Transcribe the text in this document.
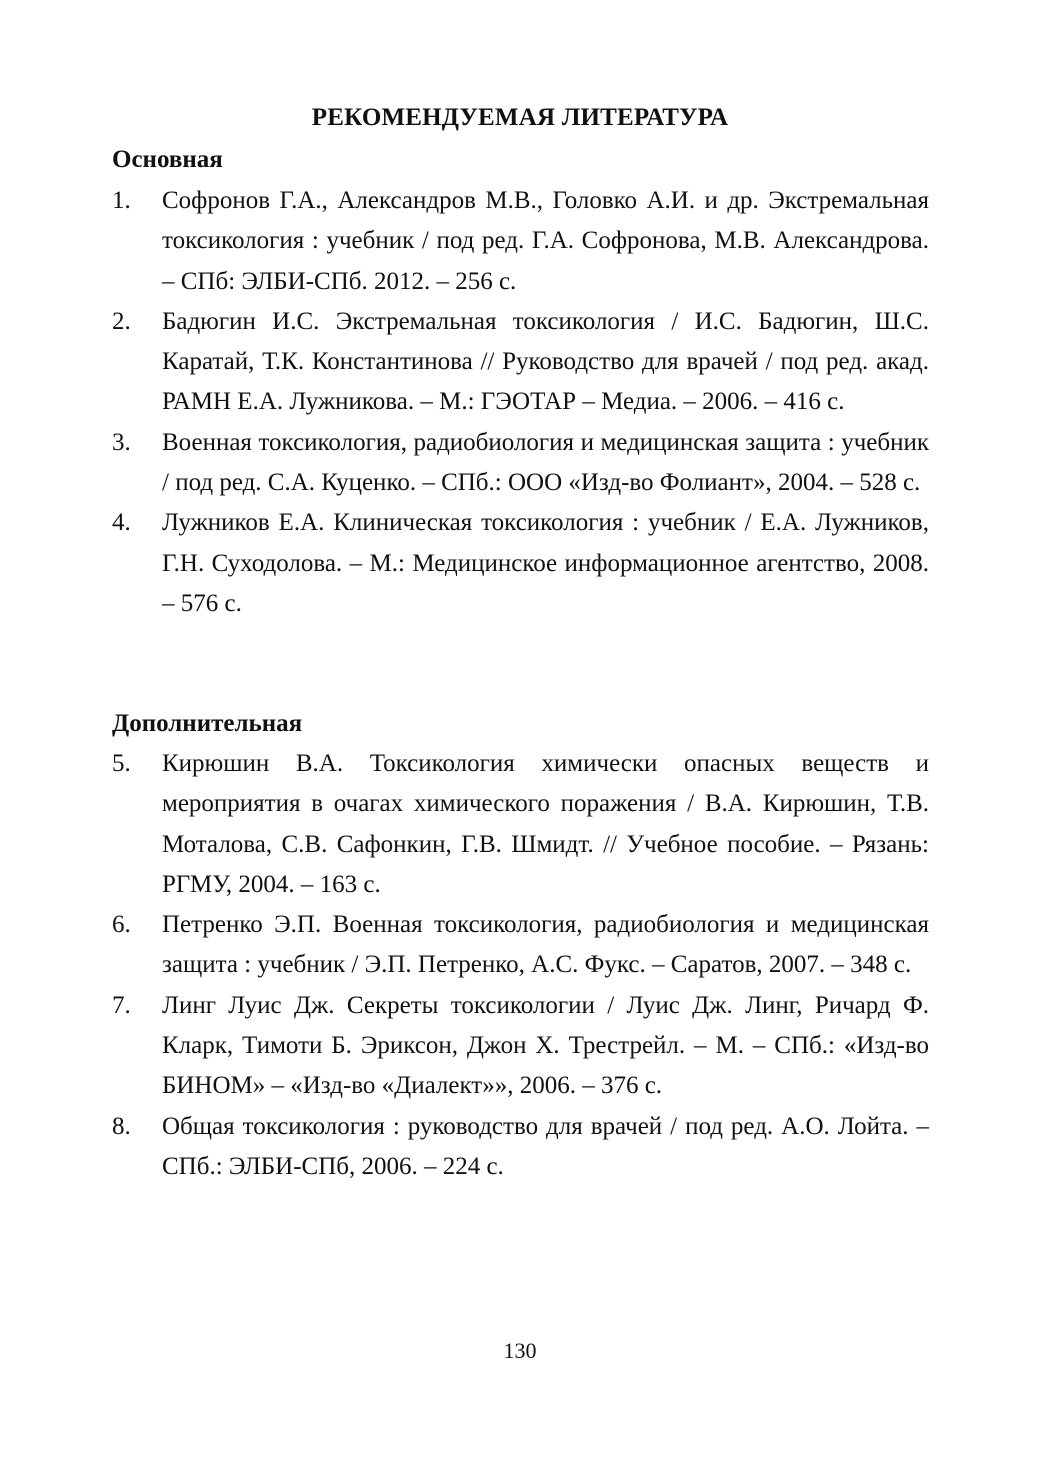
РЕКОМЕНДУЕМАЯ ЛИТЕРАТУРА
Основная
1.	Софронов Г.А., Александров М.В., Головко А.И. и др. Экстремальная токсикология : учебник / под ред. Г.А. Софронова, М.В. Александрова. – СПб: ЭЛБИ-СПб. 2012. – 256 с.
2.	Бадюгин И.С. Экстремальная токсикология / И.С. Бадюгин, Ш.С. Каратай, Т.К. Константинова // Руководство для врачей / под ред. акад. РАМН Е.А. Лужникова. – М.: ГЭОТАР – Медиа. – 2006. – 416 с.
3.	Военная токсикология, радиобиология и медицинская защита : учебник / под ред. С.А. Куценко. – СПб.: ООО «Изд-во Фолиант», 2004. – 528 с.
4.	Лужников Е.А. Клиническая токсикология : учебник / Е.А. Лужников, Г.Н. Суходолова. – М.: Медицинское информационное агентство, 2008. – 576 с.
Дополнительная
5.	Кирюшин В.А. Токсикология химически опасных веществ и мероприятия в очагах химического поражения / В.А. Кирюшин, Т.В. Моталова, С.В. Сафонкин, Г.В. Шмидт. // Учебное пособие. – Рязань: РГМУ, 2004. – 163 с.
6.	Петренко Э.П. Военная токсикология, радиобиология и медицинская защита : учебник / Э.П. Петренко, А.С. Фукс. – Саратов, 2007. – 348 с.
7.	Линг Луис Дж. Секреты токсикологии / Луис Дж. Линг, Ричард Ф. Кларк, Тимоти Б. Эриксон, Джон Х. Трестрейл. – М. – СПб.: «Изд-во БИНОМ» – «Изд-во «Диалект»», 2006. – 376 с.
8.	Общая токсикология : руководство для врачей / под ред. А.О. Лойта. – СПб.: ЭЛБИ-СПб, 2006. – 224 с.
130
